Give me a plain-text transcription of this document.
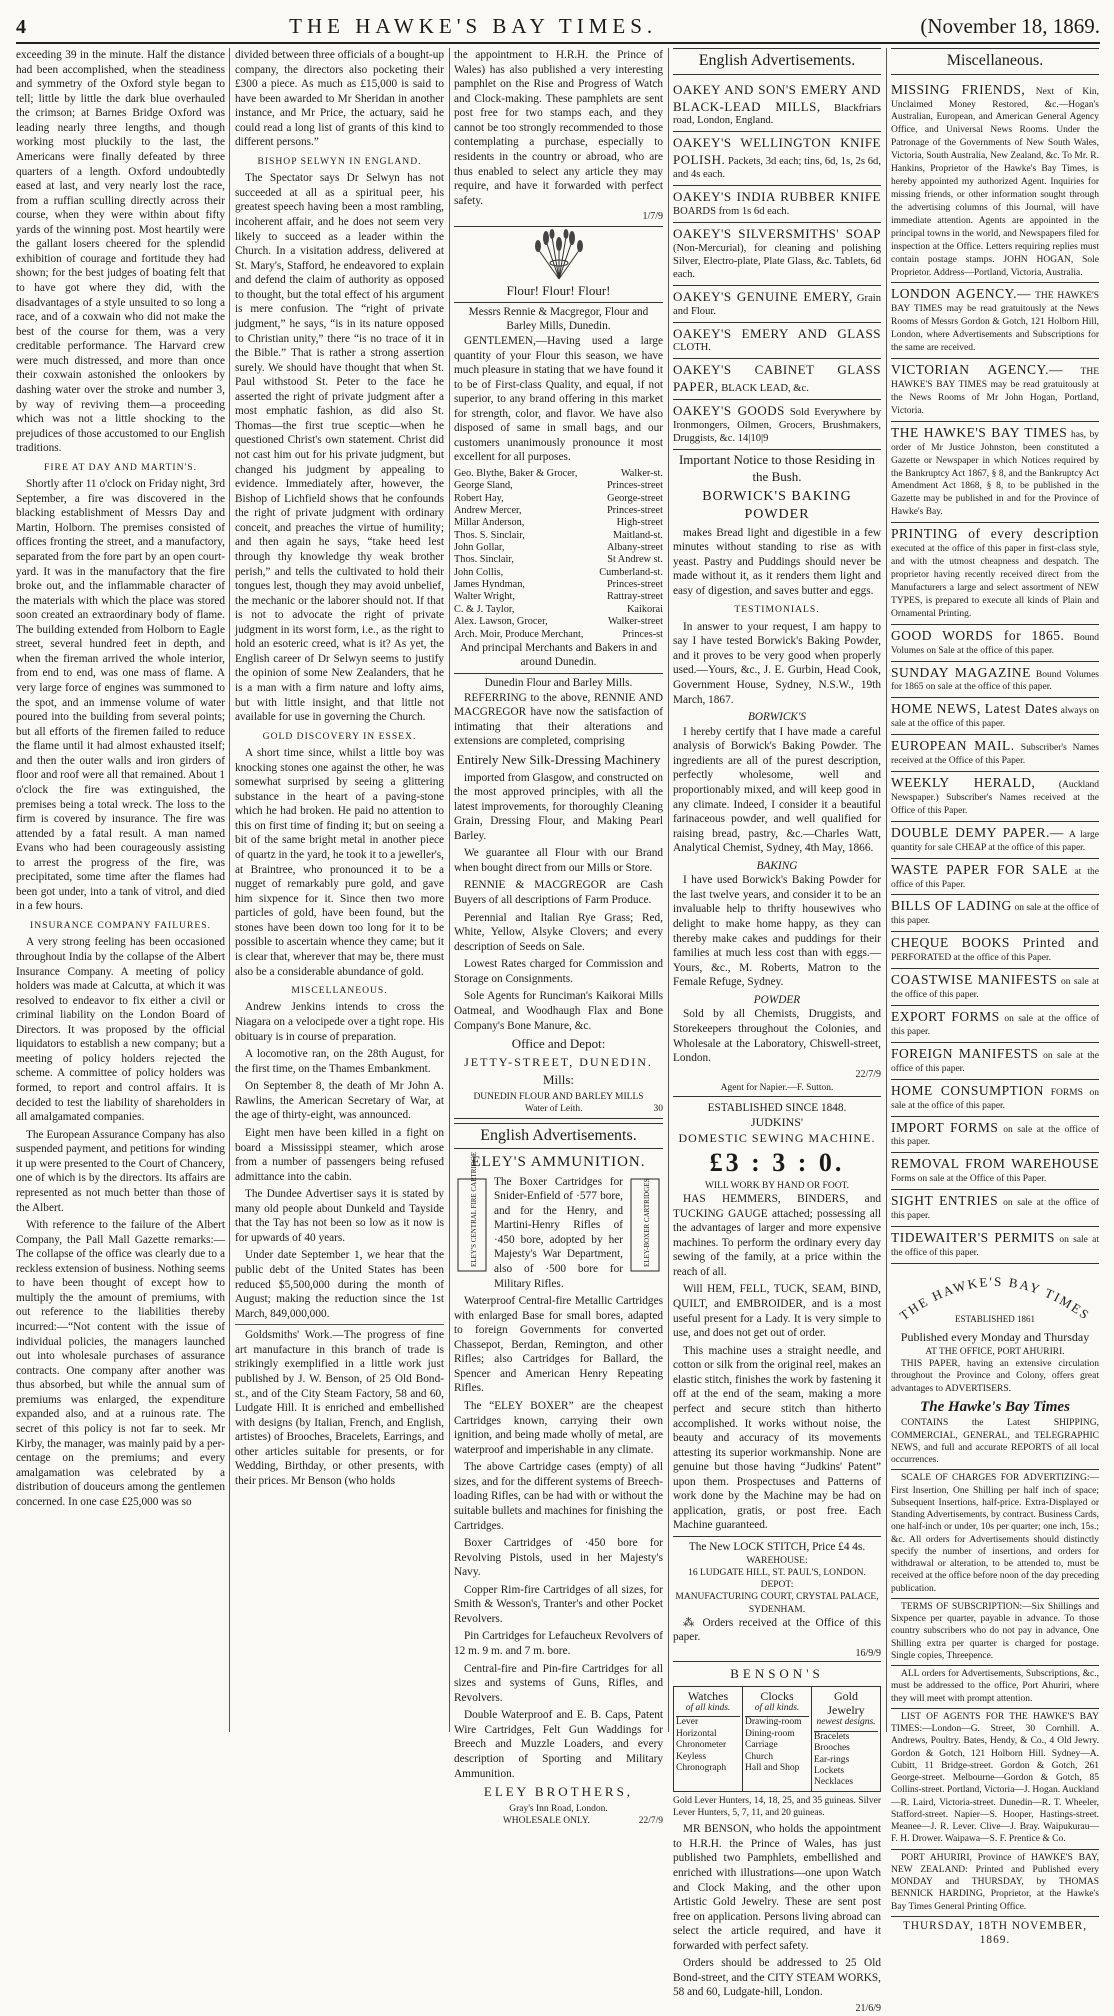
4	THE HAWKE'S BAY TIMES.	(November 18, 1869.

exceeding 39 in the minute. Half the distance had been accomplished, when the steadiness and symmetry of the Oxford style began to tell; little by little the dark blue overhauled the crimson; at Barnes Bridge Oxford was leading nearly three lengths, and though working most pluckily to the last, the Americans were finally defeated by three quarters of a length. Oxford undoubtedly eased at last, and very nearly lost the race, from a ruffian sculling directly across their course, when they were within about fifty yards of the winning post. Most heartily were the gallant losers cheered for the splendid exhibition of courage and fortitude they had shown; for the best judges of boating felt that to have got where they did, with the disadvantages of a style unsuited to so long a race, and of a coxwain who did not make the best of the course for them, was a very creditable performance. The Harvard crew were much distressed, and more than once their coxwain astonished the onlookers by dashing water over the stroke and number 3, by way of reviving them—a proceeding which was not a little shocking to the prejudices of those accustomed to our English traditions.

FIRE AT DAY AND MARTIN'S.

Shortly after 11 o'clock on Friday night, 3rd September, a fire was discovered in the blacking establishment of Messrs Day and Martin, Holborn. The premises consisted of offices fronting the street, and a manufactory, separated from the fore part by an open court-yard. It was in the manufactory that the fire broke out, and the inflammable character of the materials with which the place was stored soon created an extraordinary body of flame. The building extended from Holborn to Eagle street, several hundred feet in depth, and when the fireman arrived the whole interior, from end to end, was one mass of flame. A very large force of engines was summoned to the spot, and an immense volume of water poured into the building from several points; but all efforts of the firemen failed to reduce the flame until it had almost exhausted itself; and then the outer walls and iron girders of floor and roof were all that remained. About 1 o'clock the fire was extinguished, the premises being a total wreck. The loss to the firm is covered by insurance. The fire was attended by a fatal result. A man named Evans who had been courageously assisting to arrest the progress of the fire, was precipitated, some time after the flames had been got under, into a tank of vitrol, and died in a few hours.

INSURANCE COMPANY FAILURES.

A very strong feeling has been occasioned throughout India by the collapse of the Albert Insurance Company. A meeting of policy holders was made at Calcutta, at which it was resolved to endeavor to fix either a civil or criminal liability on the London Board of Directors. It was proposed by the official liquidators to establish a new company; but a meeting of policy holders rejected the scheme. A committee of policy holders was formed, to report and control affairs. It is decided to test the liability of shareholders in all amalgamated companies.

The European Assurance Company has also suspended payment, and petitions for winding it up were presented to the Court of Chancery, one of which is by the directors. Its affairs are represented as not much better than those of the Albert.

With reference to the failure of the Albert Company, the Pall Mall Gazette remarks:—The collapse of the office was clearly due to a reckless extension of business. Nothing seems to have been thought of except how to multiply the the amount of premiums, with out reference to the liabilities thereby incurred:—“Not content with the issue of individual policies, the managers launched out into wholesale purchases of assurance contracts. One company after another was thus absorbed, but while the annual sum of premiums was enlarged, the expenditure expanded also, and at a ruinous rate. The secret of this policy is not far to seek. Mr Kirby, the manager, was mainly paid by a per-centage on the premiums; and every amalgamation was celebrated by a distribution of douceurs among the gentlemen concerned. In one case £25,000 was so

divided between three officials of a bought-up company, the directors also pocketing their £300 a piece. As much as £15,000 is said to have been awarded to Mr Sheridan in another instance, and Mr Price, the actuary, said he could read a long list of grants of this kind to different persons.”

BISHOP SELWYN IN ENGLAND.

The Spectator says Dr Selwyn has not succeeded at all as a spiritual peer, his greatest speech having been a most rambling, incoherent affair, and he does not seem very likely to succeed as a leader within the Church. In a visitation address, delivered at St. Mary's, Stafford, he endeavored to explain and defend the claim of authority as opposed to thought, but the total effect of his argument is mere confusion. The “right of private judgment,” he says, “is in its nature opposed to Christian unity,” there “is no trace of it in the Bible.” That is rather a strong assertion surely. We should have thought that when St. Paul withstood St. Peter to the face he asserted the right of private judgment after a most emphatic fashion, as did also St. Thomas—the first true sceptic—when he questioned Christ's own statement. Christ did not cast him out for his private judgment, but changed his judgment by appealing to evidence. Immediately after, however, the Bishop of Lichfield shows that he confounds the right of private judgment with ordinary conceit, and preaches the virtue of humility; and then again he says, “take heed lest through thy knowledge thy weak brother perish,” and tells the cultivated to hold their tongues lest, though they may avoid unbelief, the mechanic or the laborer should not. If that is not to advocate the right of private judgment in its worst form, i.e., as the right to hold an esoteric creed, what is it? As yet, the English career of Dr Selwyn seems to justify the opinion of some New Zealanders, that he is a man with a firm nature and lofty aims, but with little insight, and that little not available for use in governing the Church.

GOLD DISCOVERY IN ESSEX.

A short time since, whilst a little boy was knocking stones one against the other, he was somewhat surprised by seeing a glittering substance in the heart of a paving-stone which he had broken. He paid no attention to this on first time of finding it; but on seeing a bit of the same bright metal in another piece of quartz in the yard, he took it to a jeweller's, at Braintree, who pronounced it to be a nugget of remarkably pure gold, and gave him sixpence for it. Since then two more particles of gold, have been found, but the stones have been down too long for it to be possible to ascertain whence they came; but it is clear that, wherever that may be, there must also be a considerable abundance of gold.

MISCELLANEOUS.

Andrew Jenkins intends to cross the Niagara on a velocipede over a tight rope. His obituary is in course of preparation.

A locomotive ran, on the 28th August, for the first time, on the Thames Embankment.

On September 8, the death of Mr John A. Rawlins, the American Secretary of War, at the age of thirty-eight, was announced.

Eight men have been killed in a fight on board a Mississippi steamer, which arose from a number of passengers being refused admittance into the cabin.

The Dundee Advertiser says it is stated by many old people about Dunkeld and Tayside that the Tay has not been so low as it now is for upwards of 40 years.

Under date September 1, we hear that the public debt of the United States has been reduced $5,500,000 during the month of August; making the reduction since the 1st March, 849,000,000.

Goldsmiths' Work.—The progress of fine art manufacture in this branch of trade is strikingly exemplified in a little work just published by J. W. Benson, of 25 Old Bond-st., and of the City Steam Factory, 58 and 60, Ludgate Hill. It is enriched and embellished with designs (by Italian, French, and English, artistes) of Brooches, Bracelets, Earrings, and other articles suitable for presents, or for Wedding, Birthday, or other presents, with their prices. Mr Benson (who holds

the appointment to H.R.H. the Prince of Wales) has also published a very interesting pamphlet on the Rise and Progress of Watch and Clock-making. These pamphlets are sent post free for two stamps each, and they cannot be too strongly recommended to those contemplating a purchase, especially to residents in the country or abroad, who are thus enabled to select any article they may require, and have it forwarded with perfect safety.

1/7/9
Flour! Flour! Flour!
Messrs Rennie & Macgregor, Flour and Barley Mills, Dunedin.

GENTLEMEN,—Having used a large quantity of your Flour this season, we have much pleasure in stating that we have found it to be of First-class Quality, and equal, if not superior, to any brand offering in this market for strength, color, and flavor. We have also disposed of same in small bags, and our customers unanimously pronounce it most excellent for all purposes.

Geo. Blythe, Baker & Grocer,	Walker-st.
George Sland,	Princes-street
Robert Hay,	George-street
Andrew Mercer,	Princes-street
Millar Anderson,	High-street
Thos. S. Sinclair,	Maitland-st.
John Gollar,	Albany-street
Thos. Sinclair,	St Andrew st.
John Collis,	Cumberland-st.
James Hyndman,	Princes-street
Walter Wright,	Rattray-street
C. & J. Taylor,	Kaikorai
Alex. Lawson, Grocer,	Walker-street
Arch. Moir, Produce Merchant,	Princes-st

And principal Merchants and Bakers in and around Dunedin.

Dunedin Flour and Barley Mills.

REFERRING to the above, RENNIE AND MACGREGOR have now the satisfaction of intimating that their alterations and extensions are completed, comprising

Entirely New Silk-Dressing Machinery

imported from Glasgow, and constructed on the most approved principles, with all the latest improvements, for thoroughly Cleaning Grain, Dressing Flour, and Making Pearl Barley.

We guarantee all Flour with our Brand when bought direct from our Mills or Store.

RENNIE & MACGREGOR are Cash Buyers of all descriptions of Farm Produce.

Perennial and Italian Rye Grass; Red, White, Yellow, Alsyke Clovers; and every description of Seeds on Sale.

Lowest Rates charged for Commission and Storage on Consignments.

Sole Agents for Runciman's Kaikorai Mills Oatmeal, and Woodhaugh Flax and Bone Company's Bone Manure, &c.

Office and Depot:
JETTY-STREET, DUNEDIN.
Mills:
DUNEDIN FLOUR AND BARLEY MILLS
Water of Leith.	30
English Advertisements.
ELEY'S AMMUNITION.
ELEY'S CENTRAL FIRE CARTRIDGE The Boxer Cartridges for Snider-Enfield of ·577 bore, and for the Henry, and Martini-Henry Rifles of ·450 bore, adopted by her Majesty's War Department, also of ·500 bore for Military Rifles.

ELEY-BOXER CARTRIDGES

Waterproof Central-fire Metallic Cartridges with enlarged Base for small bores, adapted to foreign Governments for converted Chassepot, Berdan, Remington, and other Rifles; also Cartridges for Ballard, the Spencer and American Henry Repeating Rifles.

The “ELEY BOXER” are the cheapest Cartridges known, carrying their own ignition, and being made wholly of metal, are waterproof and imperishable in any climate.

The above Cartridge cases (empty) of all sizes, and for the different systems of Breech-loading Rifles, can be had with or without the suitable bullets and machines for finishing the Cartridges.

Boxer Cartridges of ·450 bore for Revolving Pistols, used in her Majesty's Navy.

Copper Rim-fire Cartridges of all sizes, for Smith & Wesson's, Tranter's and other Pocket Revolvers.

Pin Cartridges for Lefaucheux Revolvers of 12 m. 9 m. and 7 m. bore.

Central-fire and Pin-fire Cartridges for all sizes and systems of Guns, Rifles, and Revolvers.

Double Waterproof and E. B. Caps, Patent Wire Cartridges, Felt Gun Waddings for Breech and Muzzle Loaders, and every description of Sporting and Military Ammunition.

ELEY BROTHERS,
Gray's Inn Road, London.
WHOLESALE ONLY.	22/7/9
English Advertisements.
OAKEY AND SON'S EMERY AND BLACK-LEAD MILLS, Blackfriars road, London, England.
OAKEY'S WELLINGTON KNIFE POLISH. Packets, 3d each; tins, 6d, 1s, 2s 6d, and 4s each.
OAKEY'S INDIA RUBBER KNIFE BOARDS from 1s 6d each.
OAKEY'S SILVERSMITHS' SOAP (Non-Mercurial), for cleaning and polishing Silver, Electro-plate, Plate Glass, &c. Tablets, 6d each.
OAKEY'S GENUINE EMERY, Grain and Flour.
OAKEY'S EMERY AND GLASS CLOTH.
OAKEY'S CABINET GLASS PAPER, BLACK LEAD, &c.
OAKEY'S GOODS Sold Everywhere by Ironmongers, Oilmen, Grocers, Brushmakers, Druggists, &c. 14|10|9
Important Notice to those Residing in the Bush.
BORWICK'S BAKING POWDER

makes Bread light and digestible in a few minutes without standing to rise as with yeast. Pastry and Puddings should never be made without it, as it renders them light and easy of digestion, and saves butter and eggs.

TESTIMONIALS.

In answer to your request, I am happy to say I have tested Borwick's Baking Powder, and it proves to be very good when properly used.—Yours, &c., J. E. Gurbin, Head Cook, Government House, Sydney, N.S.W., 19th March, 1867.

BORWICK'S

I hereby certify that I have made a careful analysis of Borwick's Baking Powder. The ingredients are all of the purest description, perfectly wholesome, well and proportionably mixed, and will keep good in any climate. Indeed, I consider it a beautiful farinaceous powder, and well qualified for raising bread, pastry, &c.—Charles Watt, Analytical Chemist, Sydney, 4th May, 1866.

BAKING

I have used Borwick's Baking Powder for the last twelve years, and consider it to be an invaluable help to thrifty housewives who delight to make home happy, as they can thereby make cakes and puddings for their families at much less cost than with eggs.—Yours, &c., M. Roberts, Matron to the Female Refuge, Sydney.

POWDER

Sold by all Chemists, Druggists, and Storekeepers throughout the Colonies, and Wholesale at the Laboratory, Chiswell-street, London.

22/7/9
Agent for Napier.—F. Sutton.
ESTABLISHED SINCE 1848.
JUDKINS'
DOMESTIC SEWING MACHINE.
£3 : 3 : 0.
WILL WORK BY HAND OR FOOT.

HAS HEMMERS, BINDERS, and TUCKING GAUGE attached; possessing all the advantages of larger and more expensive machines. To perform the ordinary every day sewing of the family, at a price within the reach of all.

Will HEM, FELL, TUCK, SEAM, BIND, QUILT, and EMBROIDER, and is a most useful present for a Lady. It is very simple to use, and does not get out of order.

This machine uses a straight needle, and cotton or silk from the original reel, makes an elastic stitch, finishes the work by fastening it off at the end of the seam, making a more perfect and secure stitch than hitherto accomplished. It works without noise, the beauty and accuracy of its movements attesting its superior workmanship. None are genuine but those having “Judkins' Patent” upon them. Prospectuses and Patterns of work done by the Machine may be had on application, gratis, or post free. Each Machine guaranteed.

The New LOCK STITCH, Price £4 4s.
WAREHOUSE:
16 LUDGATE HILL, ST. PAUL'S, LONDON.
DEPOT:
MANUFACTURING COURT, CRYSTAL PALACE, SYDENHAM.

⁂ Orders received at the Office of this paper.

16/9/9
BENSON'S
Watches
of all kinds.
Lever
Horizontal
Chronometer
Keyless
Chronograph
Clocks
of all kinds.
Drawing-room
Dining-room
Carriage
Church
Hall and Shop
Gold Jewelry
newest designs.
Bracelets
Brooches
Ear-rings
Lockets
Necklaces

Gold Lever Hunters, 14, 18, 25, and 35 guineas. Silver Lever Hunters, 5, 7, 11, and 20 guineas.

MR BENSON, who holds the appointment to H.R.H. the Prince of Wales, has just published two Pamphlets, embellished and enriched with illustrations—one upon Watch and Clock Making, and the other upon Artistic Gold Jewelry. These are sent post free on application. Persons living abroad can select the article required, and have it forwarded with perfect safety.

Orders should be addressed to 25 Old Bond-street, and the CITY STEAM WORKS, 58 and 60, Ludgate-hill, London.

21/6/9
Miscellaneous.
MISSING FRIENDS, Next of Kin, Unclaimed Money Restored, &c.—Hogan's Australian, European, and American General Agency Office, and Universal News Rooms. Under the Patronage of the Governments of New South Wales, Victoria, South Australia, New Zealand, &c. To Mr. R. Hankins, Proprietor of the Hawke's Bay Times, is hereby appointed my authorized Agent. Inquiries for missing friends, or other information sought through the advertising columns of this Journal, will have immediate attention. Agents are appointed in the principal towns in the world, and Newspapers filed for inspection at the Office. Letters requiring replies must contain postage stamps. JOHN HOGAN, Sole Proprietor. Address—Portland, Victoria, Australia.
LONDON AGENCY.— THE HAWKE'S BAY TIMES may be read gratuitously at the News Rooms of Messrs Gordon & Gotch, 121 Holborn Hill, London, where Advertisements and Subscriptions for the same are received.
VICTORIAN AGENCY.— THE HAWKE'S BAY TIMES may be read gratuitously at the News Rooms of Mr John Hogan, Portland, Victoria.
THE HAWKE'S BAY TIMES has, by order of Mr Justice Johnston, been constituted a Gazette or Newspaper in which Notices required by the Bankruptcy Act 1867, § 8, and the Bankruptcy Act Amendment Act 1868, § 8, to be published in the Gazette may be published in and for the Province of Hawke's Bay.
PRINTING of every description executed at the office of this paper in first-class style, and with the utmost cheapness and despatch. The proprietor having recently received direct from the Manufacturers a large and select assortment of NEW TYPES, is prepared to execute all kinds of Plain and Ornamental Printing.
GOOD WORDS for 1865. Bound Volumes on Sale at the office of this paper.
SUNDAY MAGAZINE Bound Volumes for 1865 on sale at the office of this paper.
HOME NEWS, Latest Dates always on sale at the office of this paper.
EUROPEAN MAIL. Subscriber's Names received at the Office of this Paper.
WEEKLY HERALD, (Auckland Newspaper.) Subscriber's Names received at the Office of this Paper.
DOUBLE DEMY PAPER.— A large quantity for sale CHEAP at the office of this paper.
WASTE PAPER FOR SALE at the office of this Paper.
BILLS OF LADING on sale at the office of this paper.
CHEQUE BOOKS Printed and PERFORATED at the office of this Paper.
COASTWISE MANIFESTS on sale at the office of this paper.
EXPORT FORMS on sale at the office of this paper.
FOREIGN MANIFESTS on sale at the office of this paper.
HOME CONSUMPTION FORMS on sale at the office of this paper.
IMPORT FORMS on sale at the office of this paper.
REMOVAL FROM WAREHOUSE Forms on sale at the Office of this Paper.
SIGHT ENTRIES on sale at the office of this paper.
TIDEWAITER'S PERMITS on sale at the office of this paper.
THE HAWKE'S BAY TIMES
ESTABLISHED 1861
Published every Monday and Thursday
AT THE OFFICE, PORT AHURIRI.

THIS PAPER, having an extensive circulation throughout the Province and Colony, offers great advantages to ADVERTISERS.

The Hawke's Bay Times

CONTAINS the Latest SHIPPING, COMMERCIAL, GENERAL, and TELEGRAPHIC NEWS, and full and accurate REPORTS of all local occurrences.

SCALE OF CHARGES FOR ADVERTIZING:—First Insertion, One Shilling per half inch of space; Subsequent Insertions, half-price. Extra-Displayed or Standing Advertisements, by contract. Business Cards, one half-inch or under, 10s per quarter; one inch, 15s.; &c. All orders for Advertisements should distinctly specify the number of insertions, and orders for withdrawal or alteration, to be attended to, must be received at the office before noon of the day preceding publication.

TERMS OF SUBSCRIPTION:—Six Shillings and Sixpence per quarter, payable in advance. To those country subscribers who do not pay in advance, One Shilling extra per quarter is charged for postage. Single copies, Threepence.

ALL orders for Advertisements, Subscriptions, &c., must be addressed to the office, Port Ahuriri, where they will meet with prompt attention.

LIST OF AGENTS FOR THE HAWKE'S BAY TIMES:—London—G. Street, 30 Cornhill. A. Andrews, Poultry. Bates, Hendy, & Co., 4 Old Jewry. Gordon & Gotch, 121 Holborn Hill. Sydney—A. Cubitt, 11 Bridge-street. Gordon & Gotch, 261 George-street. Melbourne—Gordon & Gotch, 85 Collins-street. Portland, Victoria—J. Hogan. Auckland—R. Laird, Victoria-street. Dunedin—R. T. Wheeler, Stafford-street. Napier—S. Hooper, Hastings-street. Meanee—J. R. Lever. Clive—J. Bray. Waipukurau—F. H. Drower. Waipawa—S. F. Prentice & Co.

PORT AHURIRI, Province of HAWKE'S BAY, NEW ZEALAND: Printed and Published every MONDAY and THURSDAY, by THOMAS BENNICK HARDING, Proprietor, at the Hawke's Bay Times General Printing Office.

THURSDAY, 18TH NOVEMBER, 1869.
